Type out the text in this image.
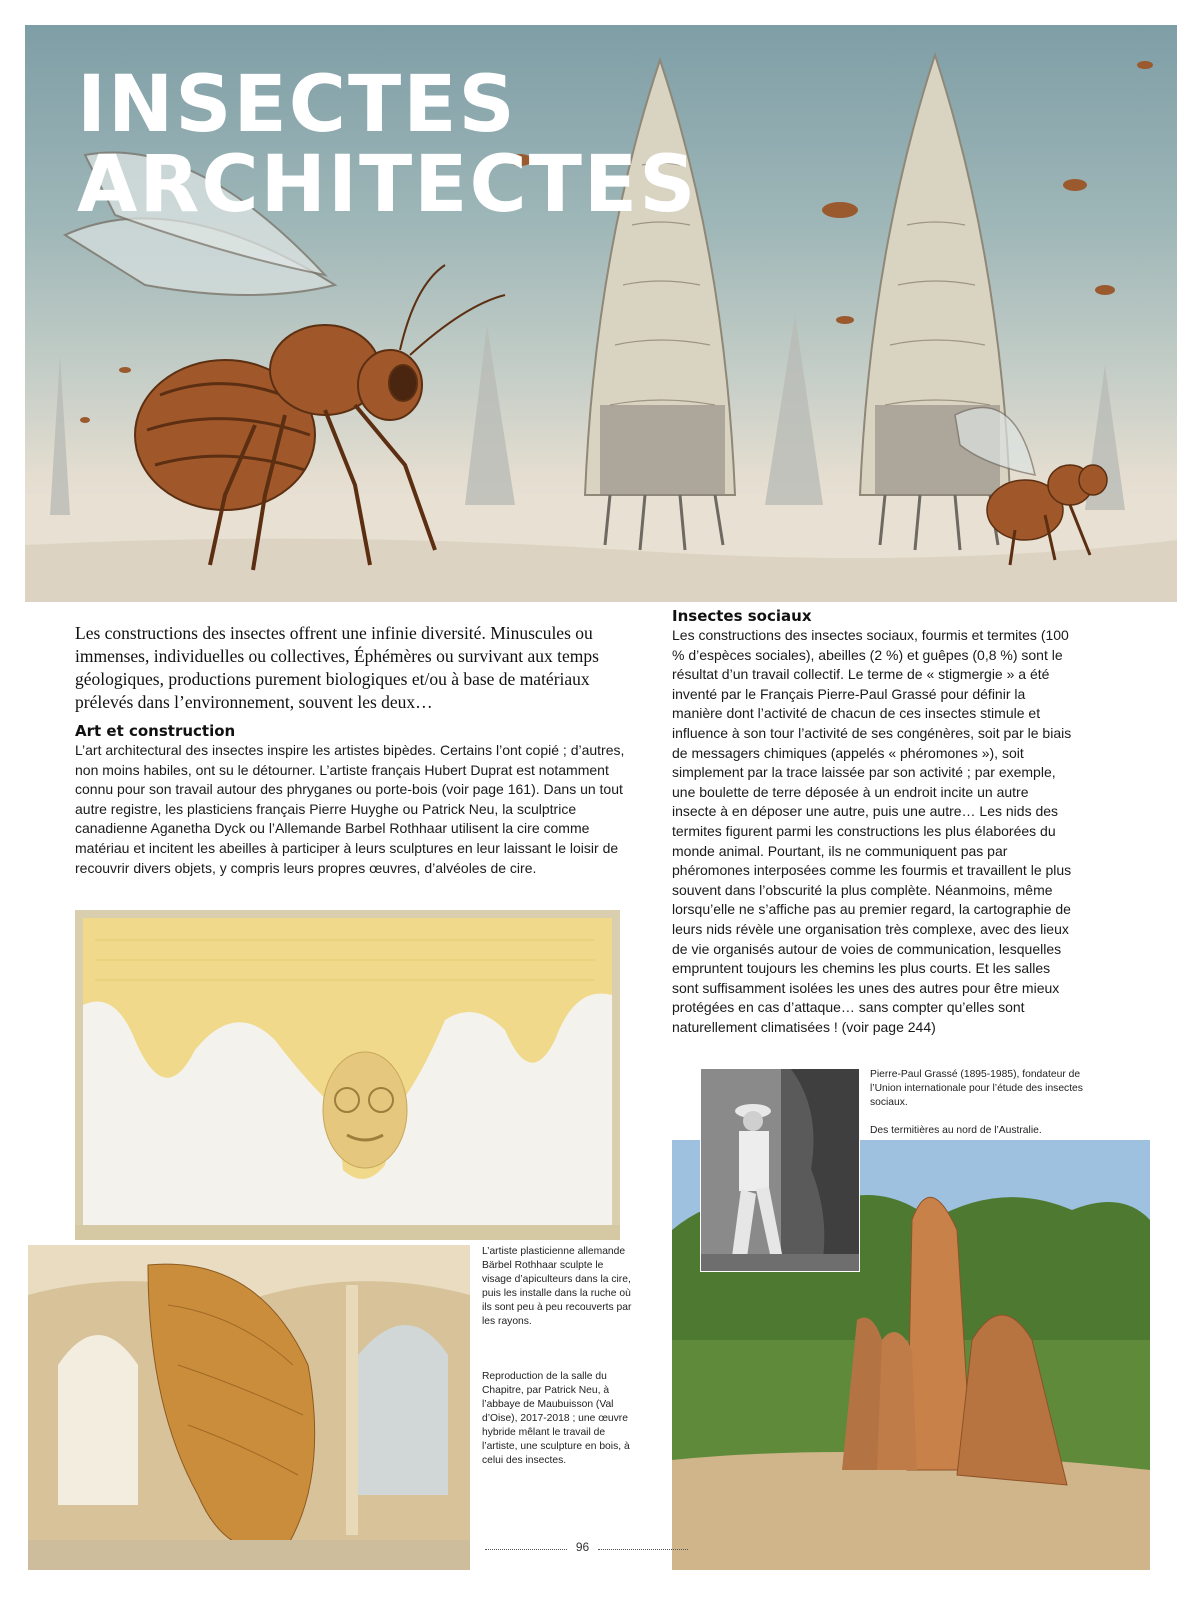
INSECTES
ARCHITECTES

Les constructions des insectes offrent une infinie diversité. Minuscules ou immenses, individuelles ou collectives, Éphémères ou survivant aux temps géologiques, productions purement biologiques et/ou à base de matériaux prélevés dans l’environnement, souvent les deux…

Art et construction

L’art architectural des insectes inspire les artistes bipèdes. Certains l’ont copié ; d’autres, non moins habiles, ont su le détourner. L’artiste français Hubert Duprat est notamment connu pour son travail autour des phryganes ou porte-bois (voir page 161). Dans un tout autre registre, les plasticiens français Pierre Huyghe ou Patrick Neu, la sculptrice canadienne Aganetha Dyck ou l’Allemande Barbel Rothhaar utilisent la cire comme matériau et incitent les abeilles à participer à leurs sculptures en leur laissant le loisir de recouvrir divers objets, y compris leurs propres œuvres, d’alvéoles de cire.

Insectes sociaux

Les constructions des insectes sociaux, fourmis et termites (100 % d’espèces sociales), abeilles (2 %) et guêpes (0,8 %) sont le résultat d’un travail collectif. Le terme de « stigmergie » a été inventé par le Français Pierre-Paul Grassé pour définir la manière dont l’activité de chacun de ces insectes stimule et influence à son tour l’activité de ses congénères, soit par le biais de messagers chimiques (appelés « phéromones »), soit simplement par la trace laissée par son activité ; par exemple, une boulette de terre déposée à un endroit incite un autre insecte à en déposer une autre, puis une autre… Les nids des termites figurent parmi les constructions les plus élaborées du monde animal. Pourtant, ils ne communiquent pas par phéromones interposées comme les fourmis et travaillent le plus souvent dans l’obscurité la plus complète. Néanmoins, même lorsqu’elle ne s’affiche pas au premier regard, la cartographie de leurs nids révèle une organisation très complexe, avec des lieux de vie organisés autour de voies de communication, lesquelles empruntent toujours les chemins les plus courts. Et les salles sont suffisamment isolées les unes des autres pour être mieux protégées en cas d’attaque… sans compter qu’elles sont naturellement climatisées ! (voir page 244)

L’artiste plasticienne allemande Bärbel Rothhaar sculpte le visage d’apiculteurs dans la cire, puis les installe dans la ruche où ils sont peu à peu recouverts par les rayons.

Reproduction de la salle du Chapitre, par Patrick Neu, à l’abbaye de Maubuisson (Val d’Oise), 2017-2018 ; une œuvre hybride mêlant le travail de l’artiste, une sculpture en bois, à celui des insectes.

Pierre-Paul Grassé (1895-1985), fondateur de l’Union internationale pour l’étude des insectes sociaux.

Des termitières au nord de l’Australie.

96
